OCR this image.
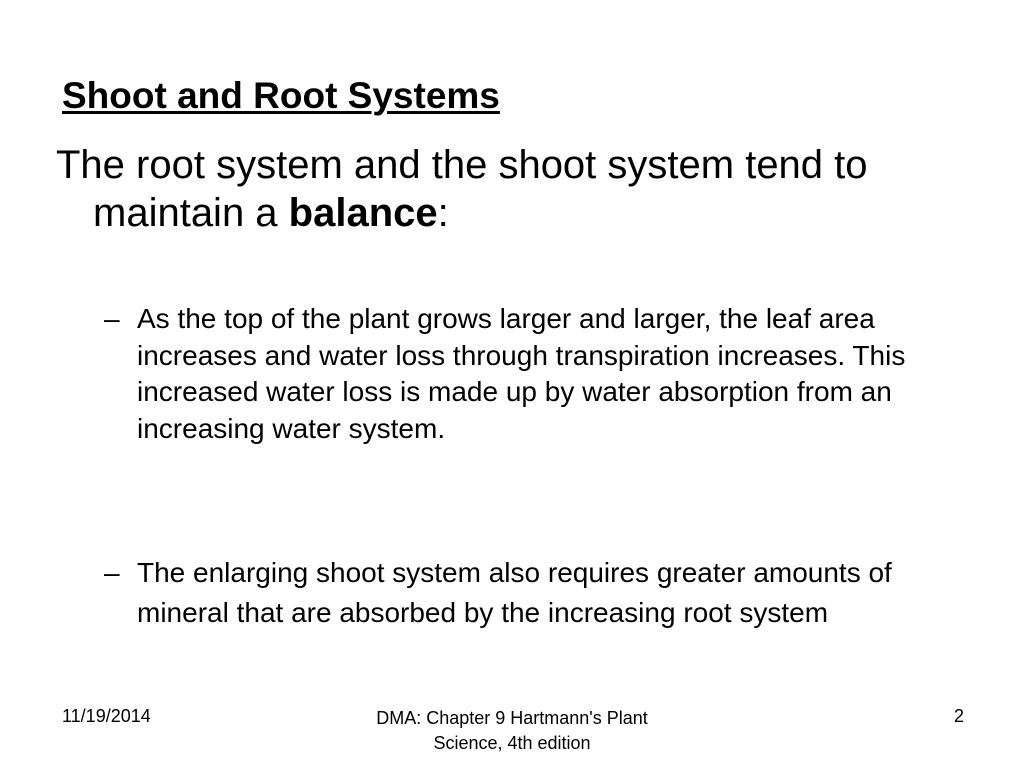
Shoot and Root Systems

The root system and the shoot system tend to maintain a balance:

– As the top of the plant grows larger and larger, the leaf area increases and water loss through transpiration increases. This increased water loss is made up by water absorption from an increasing water system.
– The enlarging shoot system also requires greater amounts of mineral that are absorbed by the increasing root system
11/19/2014	DMA: Chapter 9 Hartmann's Plant Science, 4th edition
2
